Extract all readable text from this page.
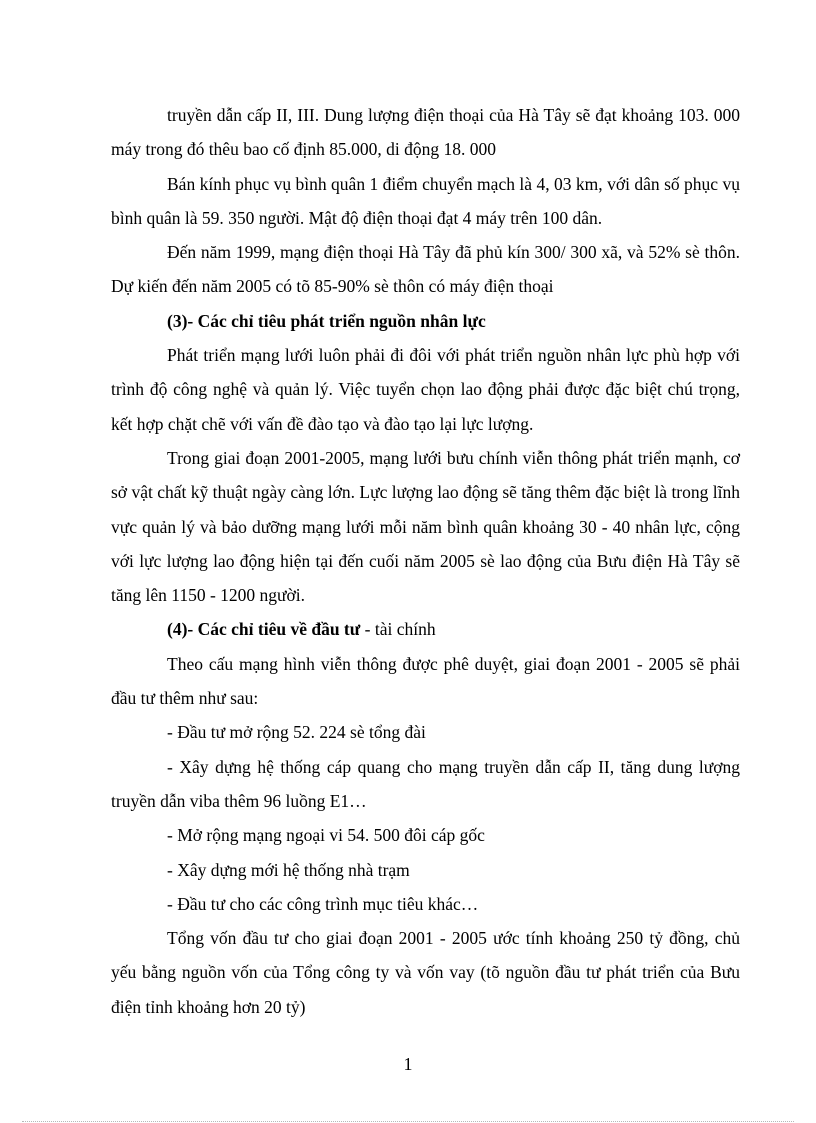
truyền dẫn cấp II, III. Dung lượng điện thoại của Hà Tây sẽ đạt khoảng 103. 000 máy trong đó thêu bao cố định 85.000, di động 18. 000

Bán kính phục vụ bình quân 1 điểm chuyển mạch là 4, 03 km, với dân số phục vụ bình quân là 59. 350 người. Mật độ điện thoại đạt 4 máy trên 100 dân.

Đến năm 1999, mạng điện thoại Hà Tây đã phủ kín 300/ 300 xã, và 52% sè thôn. Dự kiến đến năm 2005 có tõ 85-90% sè thôn có máy điện thoại

(3)- Các chỉ tiêu phát triển nguồn nhân lực

Phát triển mạng lưới luôn phải đi đôi với phát triển nguồn nhân lực phù hợp với trình độ công nghệ và quản lý. Việc tuyển chọn lao động phải được đặc biệt chú trọng, kết hợp chặt chẽ với vấn đề đào tạo và đào tạo lại lực lượng.

Trong giai đoạn 2001-2005, mạng lưới bưu chính viễn thông phát triển mạnh, cơ sở vật chất kỹ thuật ngày càng lớn. Lực lượng lao động sẽ tăng thêm đặc biệt là trong lĩnh vực quản lý và bảo dưỡng mạng lưới mỗi năm bình quân khoảng 30 - 40 nhân lực, cộng với lực lượng lao động hiện tại đến cuối năm 2005 sè lao động của Bưu điện Hà Tây sẽ tăng lên 1150 - 1200 người.

(4)- Các chỉ tiêu về đầu tư - tài chính

Theo cấu mạng hình viễn thông được phê duyệt, giai đoạn 2001 - 2005 sẽ phải đầu tư thêm như sau:

- Đầu tư mở rộng 52. 224 sè tổng đài

- Xây dựng hệ thống cáp quang cho mạng truyền dẫn cấp II, tăng dung lượng truyền dẫn viba thêm 96 luồng E1…

- Mở rộng mạng ngoại vi 54. 500 đôi cáp gốc

- Xây dựng mới hệ thống nhà trạm

- Đầu tư cho các công trình mục tiêu khác…

Tổng vốn đầu tư cho giai đoạn 2001 - 2005 ước tính khoảng 250 tỷ đồng, chủ yếu bằng nguồn vốn của Tổng công ty và vốn vay (tõ nguồn đầu tư phát triển của Bưu điện tỉnh khoảng hơn 20 tỷ)

1
